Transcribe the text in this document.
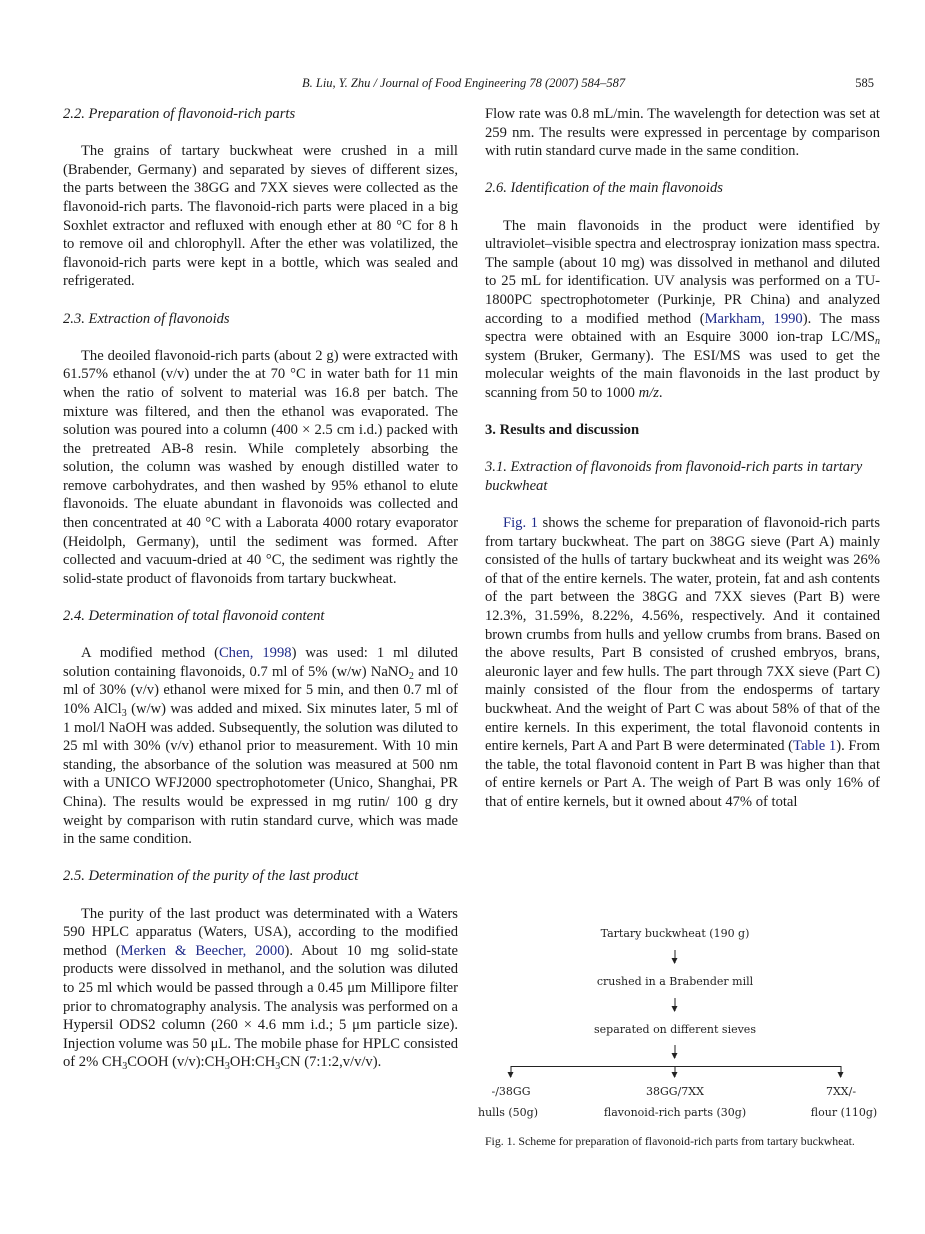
B. Liu, Y. Zhu / Journal of Food Engineering 78 (2007) 584–587	585
2.2. Preparation of flavonoid-rich parts

The grains of tartary buckwheat were crushed in a mill (Brabender, Germany) and separated by sieves of different sizes, the parts between the 38GG and 7XX sieves were collected as the flavonoid-rich parts. The flavonoid-rich parts were placed in a big Soxhlet extractor and refluxed with enough ether at 80 °C for 8 h to remove oil and chlorophyll. After the ether was volatilized, the flavonoid-rich parts were kept in a bottle, which was sealed and refrigerated.

2.3. Extraction of flavonoids

The deoiled flavonoid-rich parts (about 2 g) were extracted with 61.57% ethanol (v/v) under the at 70 °C in water bath for 11 min when the ratio of solvent to material was 16.8 per batch. The mixture was filtered, and then the ethanol was evaporated. The solution was poured into a column (400 × 2.5 cm i.d.) packed with the pretreated AB-8 resin. While completely absorbing the solution, the column was washed by enough distilled water to remove carbohydrates, and then washed by 95% ethanol to elute flavonoids. The eluate abundant in flavonoids was collected and then concentrated at 40 °C with a Laborata 4000 rotary evaporator (Heidolph, Germany), until the sediment was formed. After collected and vacuum-dried at 40 °C, the sediment was rightly the solid-state product of flavonoids from tartary buckwheat.

2.4. Determination of total flavonoid content

A modified method (Chen, 1998) was used: 1 ml diluted solution containing flavonoids, 0.7 ml of 5% (w/w) NaNO$_2$ and 10 ml of 30% (v/v) ethanol were mixed for 5 min, and then 0.7 ml of 10% AlCl$_3$ (w/w) was added and mixed. Six minutes later, 5 ml of 1 mol/l NaOH was added. Subsequently, the solution was diluted to 25 ml with 30% (v/v) ethanol prior to measurement. With 10 min standing, the absorbance of the solution was measured at 500 nm with a UNICO WFJ2000 spectrophotometer (Unico, Shanghai, PR China). The results would be expressed in mg rutin/ 100 g dry weight by comparison with rutin standard curve, which was made in the same condition.

2.5. Determination of the purity of the last product

The purity of the last product was determinated with a Waters 590 HPLC apparatus (Waters, USA), according to the modified method (Merken & Beecher, 2000). About 10 mg solid-state products were dissolved in methanol, and the solution was diluted to 25 ml which would be passed through a 0.45 μm Millipore filter prior to chromatography analysis. The analysis was performed on a Hypersil ODS2 column (260 × 4.6 mm i.d.; 5 μm particle size). Injection volume was 50 μL. The mobile phase for HPLC consisted of 2% $CH_3COOH$ $(v/v):CH_3OH:CH_3CN$ (7:1:2,v/v/v).

Flow rate was 0.8 mL/min. The wavelength for detection was set at 259 nm. The results were expressed in percentage by comparison with rutin standard curve made in the same condition.

2.6. Identification of the main flavonoids

The main flavonoids in the product were identified by ultraviolet–visible spectra and electrospray ionization mass spectra. The sample (about 10 mg) was dissolved in methanol and diluted to 25 mL for identification. UV analysis was performed on a TU-1800PC spectrophotometer (Purkinje, PR China) and analyzed according to a modified method (Markham, 1990). The mass spectra were obtained with an Esquire 3000 ion-trap $LC/MS_n$ system (Bruker, Germany). The ESI/MS was used to get the molecular weights of the main flavonoids in the last product by scanning from 50 to 1000 m/z.

3. Results and discussion
3.1. Extraction of flavonoids from flavonoid-rich parts in tartary buckwheat

Fig. 1 shows the scheme for preparation of flavonoid-rich parts from tartary buckwheat. The part on 38GG sieve (Part A) mainly consisted of the hulls of tartary buckwheat and its weight was 26% of that of the entire kernels. The water, protein, fat and ash contents of the part between the 38GG and 7XX sieves (Part B) were 12.3%, 31.59%, 8.22%, 4.56%, respectively. And it contained brown crumbs from hulls and yellow crumbs from brans. Based on the above results, Part B consisted of crushed embryos, brans, aleuronic layer and few hulls. The part through 7XX sieve (Part C) mainly consisted of the flour from the endosperms of tartary buckwheat. And the weight of Part C was about 58% of that of the entire kernels. In this experiment, the total flavonoid contents in entire kernels, Part A and Part B were determinated (Table 1). From the table, the total flavonoid content in Part B was higher than that of entire kernels or Part A. The weigh of Part B was only 16% of that of entire kernels, but it owned about 47% of total

Tartary buckwheat (190 g)
crushed in a Brabender mill
separated on different sieves
-/38GG
hulls (50g)
38GG/7XX
flavonoid-rich parts (30g)
7XX/-
flour (110g)
Fig. 1. Scheme for preparation of flavonoid-rich parts from tartary buckwheat.
